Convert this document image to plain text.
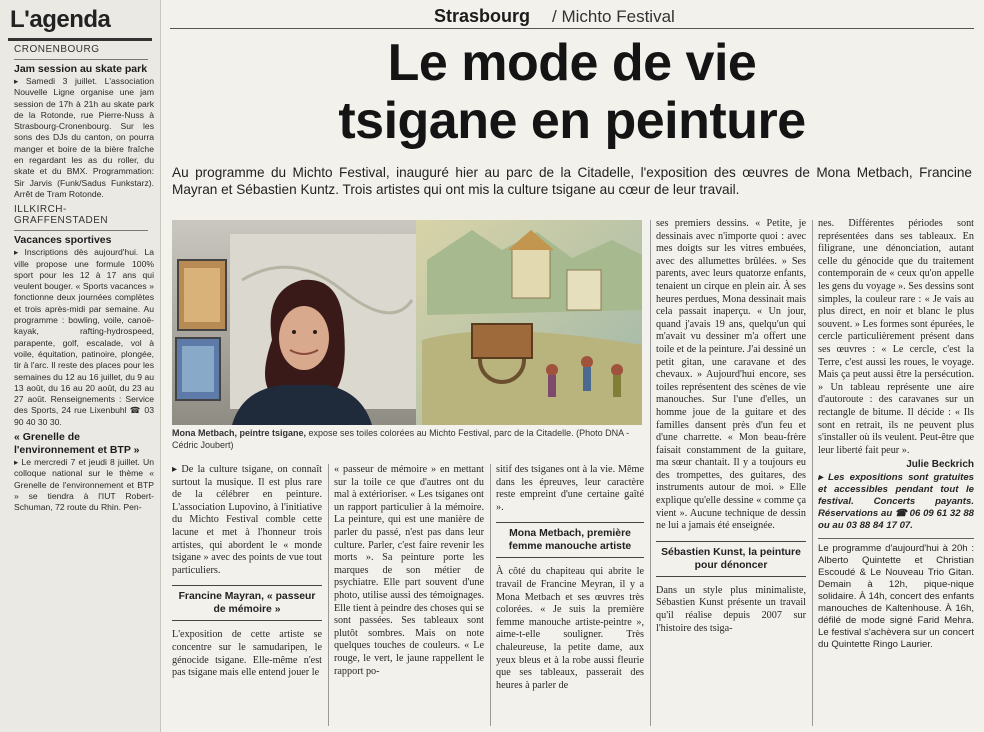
L'agenda
CRONENBOURG
Jam session au skate park

▸ Samedi 3 juillet. L'association Nouvelle Ligne organise une jam session de 17h à 21h au skate park de la Rotonde, rue Pierre-Nuss à Strasbourg-Cronenbourg. Sur les sons des DJs du canton, on pourra manger et boire de la bière fraîche en regardant les as du roller, du skate et du BMX. Programmation: Sir Jarvis (Funk/Sadus Funkstarz). Arrêt de Tram Rotonde.

ILLKIRCH-GRAFFENSTADEN
Vacances sportives

▸ Inscriptions dès aujourd'hui. La ville propose une formule 100% sport pour les 12 à 17 ans qui veulent bouger. « Sports vacances » fonctionne deux journées complètes et trois après-midi par semaine. Au programme : bowling, voile, canoë-kayak, rafting-hydrospeed, parapente, golf, escalade, vol à voile, équitation, patinoire, plongée, tir à l'arc. Il reste des places pour les semaines du 12 au 16 juillet, du 9 au 13 août, du 16 au 20 août, du 23 au 27 août. Renseignements : Service des Sports, 24 rue Lixenbuhl ☎ 03 90 40 30 30.

« Grenelle de l'environnement et BTP »

▸ Le mercredi 7 et jeudi 8 juillet. Un colloque national sur le thème « Grenelle de l'environnement et BTP » se tiendra à l'IUT Robert-Schuman, 72 route du Rhin. Pen-

Strasbourg / Michto Festival
Le mode de vie
tsigane en peinture
Au programme du Michto Festival, inauguré hier au parc de la Citadelle, l'exposition des œuvres de Mona Metbach, Francine Mayran et Sébastien Kuntz. Trois artistes qui ont mis la culture tsigane au cœur de leur travail.
Mona Metbach, peintre tsigane, expose ses toiles colorées au Michto Festival, parc de la Citadelle. (Photo DNA - Cédric Joubert)

▸ De la culture tsigane, on connaît surtout la musique. Il est plus rare de la célébrer en peinture. L'association Lupovino, à l'initiative du Michto Festival comble cette lacune et met à l'honneur trois artistes, qui abordent le « monde tsigane » avec des points de vue tout particuliers.

Francine Mayran, « passeur de mémoire »

L'exposition de cette artiste se concentre sur le samudaripen, le génocide tsigane. Elle-même n'est pas tsigane mais elle entend jouer le

« passeur de mémoire » en mettant sur la toile ce que d'autres ont du mal à extérioriser. « Les tsiganes ont un rapport particulier à la mémoire. La peinture, qui est une manière de parler du passé, n'est pas dans leur culture. Parler, c'est faire revenir les morts ». Sa peinture porte les marques de son métier de psychiatre. Elle part souvent d'une photo, utilise aussi des témoignages. Elle tient à peindre des choses qui se sont passées. Ses tableaux sont plutôt sombres. Mais on note quelques touches de couleurs. « Le rouge, le vert, le jaune rappellent le rapport po-

sitif des tsiganes ont à la vie. Même dans les épreuves, leur caractère reste empreint d'une certaine gaîté ».

Mona Metbach, première femme manouche artiste

À côté du chapiteau qui abrite le travail de Francine Meyran, il y a Mona Metbach et ses œuvres très colorées. « Je suis la première femme manouche artiste-peintre », aime-t-elle souligner. Très chaleureuse, la petite dame, aux yeux bleus et à la robe aussi fleurie que ses tableaux, passerait des heures à parler de

ses premiers dessins. « Petite, je dessinais avec n'importe quoi : avec mes doigts sur les vitres embuées, avec des allumettes brûlées. » Ses parents, avec leurs quatorze enfants, tenaient un cirque en plein air. À ses heures perdues, Mona dessinait mais cela passait inaperçu. « Un jour, quand j'avais 19 ans, quelqu'un qui m'avait vu dessiner m'a offert une toile et de la peinture. J'ai dessiné un petit gitan, une caravane et des chevaux. » Aujourd'hui encore, ses toiles représentent des scènes de vie manouches. Sur l'une d'elles, un homme joue de la guitare et des familles dansent près d'un feu et d'une charrette. « Mon beau-frère faisait constamment de la guitare, ma sœur chantait. Il y a toujours eu des trompettes, des guitares, des instruments autour de moi. » Elle explique qu'elle dessine « comme ça vient ». Aucune technique de dessin ne lui a jamais été enseignée.

Sébastien Kunst, la peinture pour dénoncer

Dans un style plus minimaliste, Sébastien Kunst présente un travail qu'il réalise depuis 2007 sur l'histoire des tsiga-

nes. Différentes périodes sont représentées dans ses tableaux. En filigrane, une dénonciation, autant celle du génocide que du traitement contemporain de « ceux qu'on appelle les gens du voyage ». Ses dessins sont simples, la couleur rare : « Je vais au plus direct, en noir et blanc le plus souvent. » Les formes sont épurées, le cercle particulièrement présent dans ses œuvres : « Le cercle, c'est la Terre, c'est aussi les roues, le voyage. Mais ça peut aussi être la persécution. » Un tableau représente une aire d'autoroute : des caravanes sur un rectangle de bitume. Il décide : « Ils sont en retrait, ils ne peuvent plus s'installer où ils veulent. Peut-être que leur liberté fait peur ».

Julie Beckrich

▸ Les expositions sont gratuites et accessibles pendant tout le festival. Concerts payants. Réservations au ☎ 06 09 61 32 88 ou au 03 88 84 17 07.

Le programme d'aujourd'hui à 20h : Alberto Quintette et Christian Escoudé & Le Nouveau Trio Gitan. Demain à 12h, pique-nique solidaire. À 14h, concert des enfants manouches de Kaltenhouse. À 16h, défilé de mode signé Farid Mehra. Le festival s'achèvera sur un concert du Quintette Ringo Laurier.
